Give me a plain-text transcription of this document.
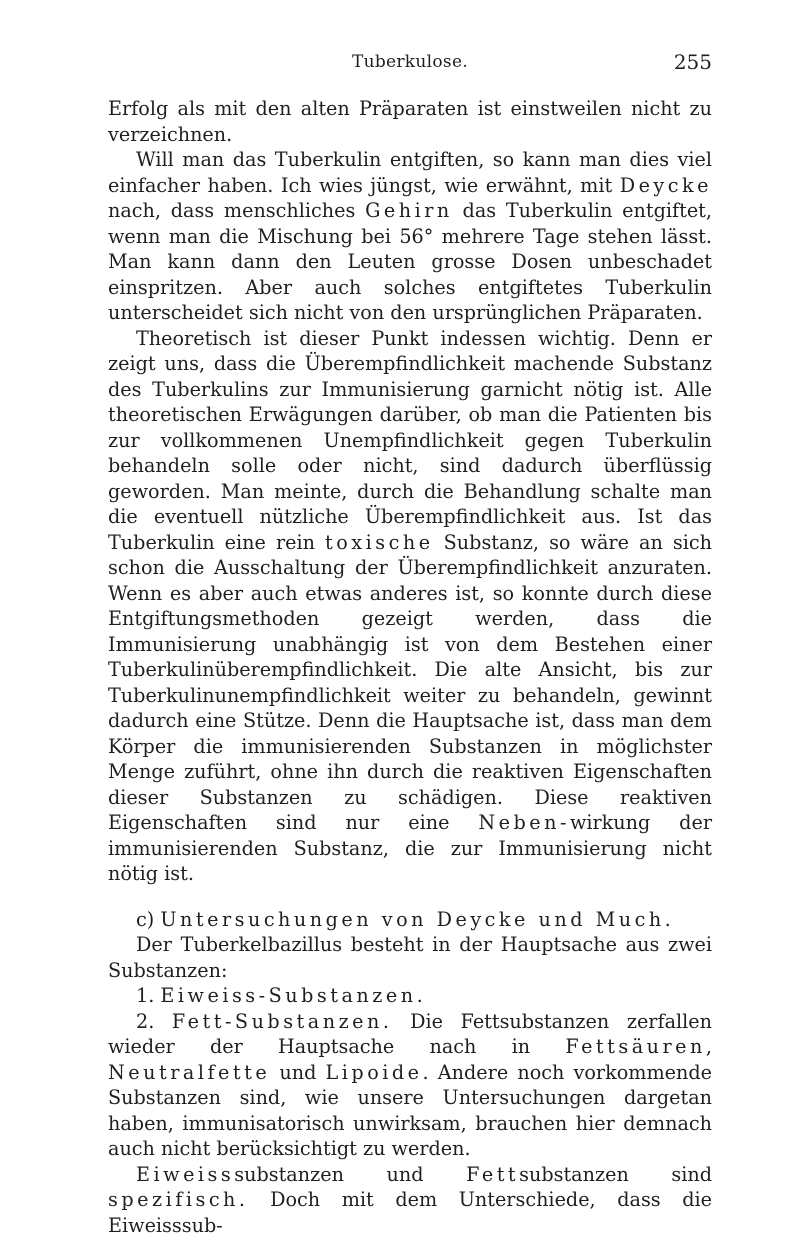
Tuberkulose.	255

Erfolg als mit den alten Präparaten ist einstweilen nicht zu verzeichnen.

Will man das Tuberkulin entgiften, so kann man dies viel einfacher haben. Ich wies jüngst, wie erwähnt, mit Deycke nach, dass menschliches Gehirn das Tuberkulin entgiftet, wenn man die Mischung bei 56° mehrere Tage stehen lässt. Man kann dann den Leuten grosse Dosen unbeschadet einspritzen. Aber auch solches entgiftetes Tuberkulin unterscheidet sich nicht von den ursprünglichen Präparaten.

Theoretisch ist dieser Punkt indessen wichtig. Denn er zeigt uns, dass die Überempfindlichkeit machende Substanz des Tuberkulins zur Immunisierung garnicht nötig ist. Alle theoretischen Erwägungen darüber, ob man die Patienten bis zur vollkommenen Unempfindlichkeit gegen Tuberkulin behandeln solle oder nicht, sind dadurch überflüssig geworden. Man meinte, durch die Behandlung schalte man die eventuell nützliche Überempfindlichkeit aus. Ist das Tuberkulin eine rein toxische Substanz, so wäre an sich schon die Ausschaltung der Überempfindlichkeit anzuraten. Wenn es aber auch etwas anderes ist, so konnte durch diese Entgiftungsmethoden gezeigt werden, dass die Immunisierung unabhängig ist von dem Bestehen einer Tuberkulinüberempfindlichkeit. Die alte Ansicht, bis zur Tuberkulinunempfindlichkeit weiter zu behandeln, gewinnt dadurch eine Stütze. Denn die Hauptsache ist, dass man dem Körper die immunisierenden Substanzen in möglichster Menge zuführt, ohne ihn durch die reaktiven Eigenschaften dieser Substanzen zu schädigen. Diese reaktiven Eigenschaften sind nur eine Neben-wirkung der immunisierenden Substanz, die zur Immunisierung nicht nötig ist.

c) Untersuchungen von Deycke und Much.

Der Tuberkelbazillus besteht in der Hauptsache aus zwei Substanzen:

1. Eiweiss-Substanzen.

2. Fett-Substanzen. Die Fettsubstanzen zerfallen wieder der Hauptsache nach in Fettsäuren, Neutralfette und Lipoide. Andere noch vorkommende Substanzen sind, wie unsere Untersuchungen dargetan haben, immunisatorisch unwirksam, brauchen hier demnach auch nicht berücksichtigt zu werden.

Eiweisssubstanzen und Fettsubstanzen sind spezifisch. Doch mit dem Unterschiede, dass die Eiweisssub-
